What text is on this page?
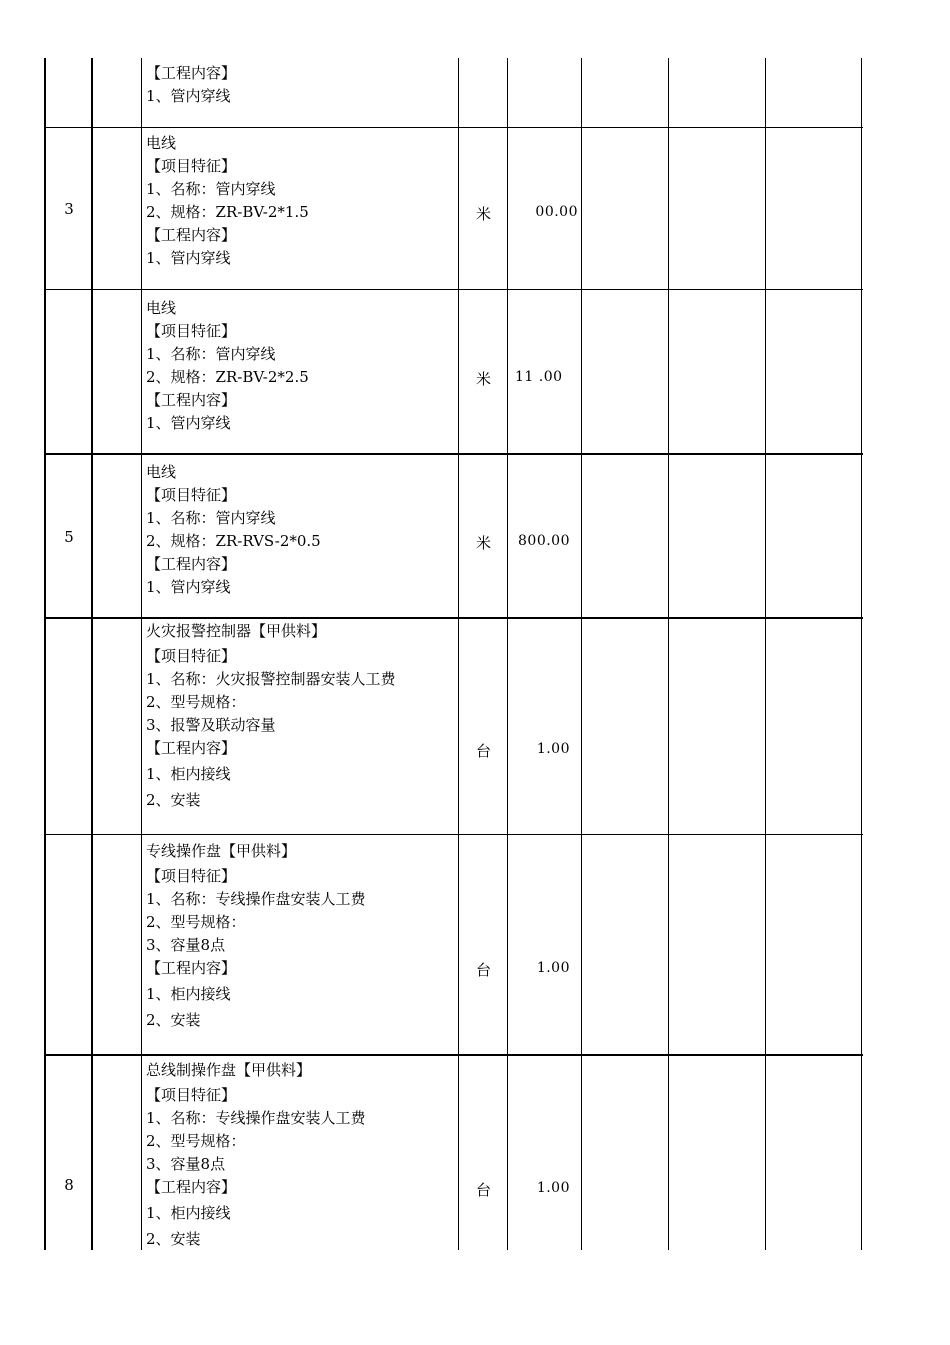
【工程内容】
1、管内穿线
3
电线
【项目特征】
1、名称：管内穿线
2、规格：ZR-BV-2*1.5
【工程内容】
1、管内穿线
米	00.00
电线
【项目特征】
1、名称：管内穿线
2、规格：ZR-BV-2*2.5
【工程内容】
1、管内穿线
米	11 .00
5
电线
【项目特征】
1、名称：管内穿线
2、规格：ZR-RVS-2*0.5
【工程内容】
1、管内穿线
米	800.00
火灾报警控制器【甲供料】
【项目特征】
1、名称：火灾报警控制器安装人工费
2、型号规格：
3、报警及联动容量
【工程内容】
1、柜内接线
2、安装
台	1.00
专线操作盘【甲供料】
【项目特征】
1、名称：专线操作盘安装人工费
2、型号规格：
3、容量8点
【工程内容】
1、柜内接线
2、安装
台	1.00
8
总线制操作盘【甲供料】
【项目特征】
1、名称：专线操作盘安装人工费
2、型号规格：
3、容量8点
【工程内容】
1、柜内接线
2、安装
台	1.00
